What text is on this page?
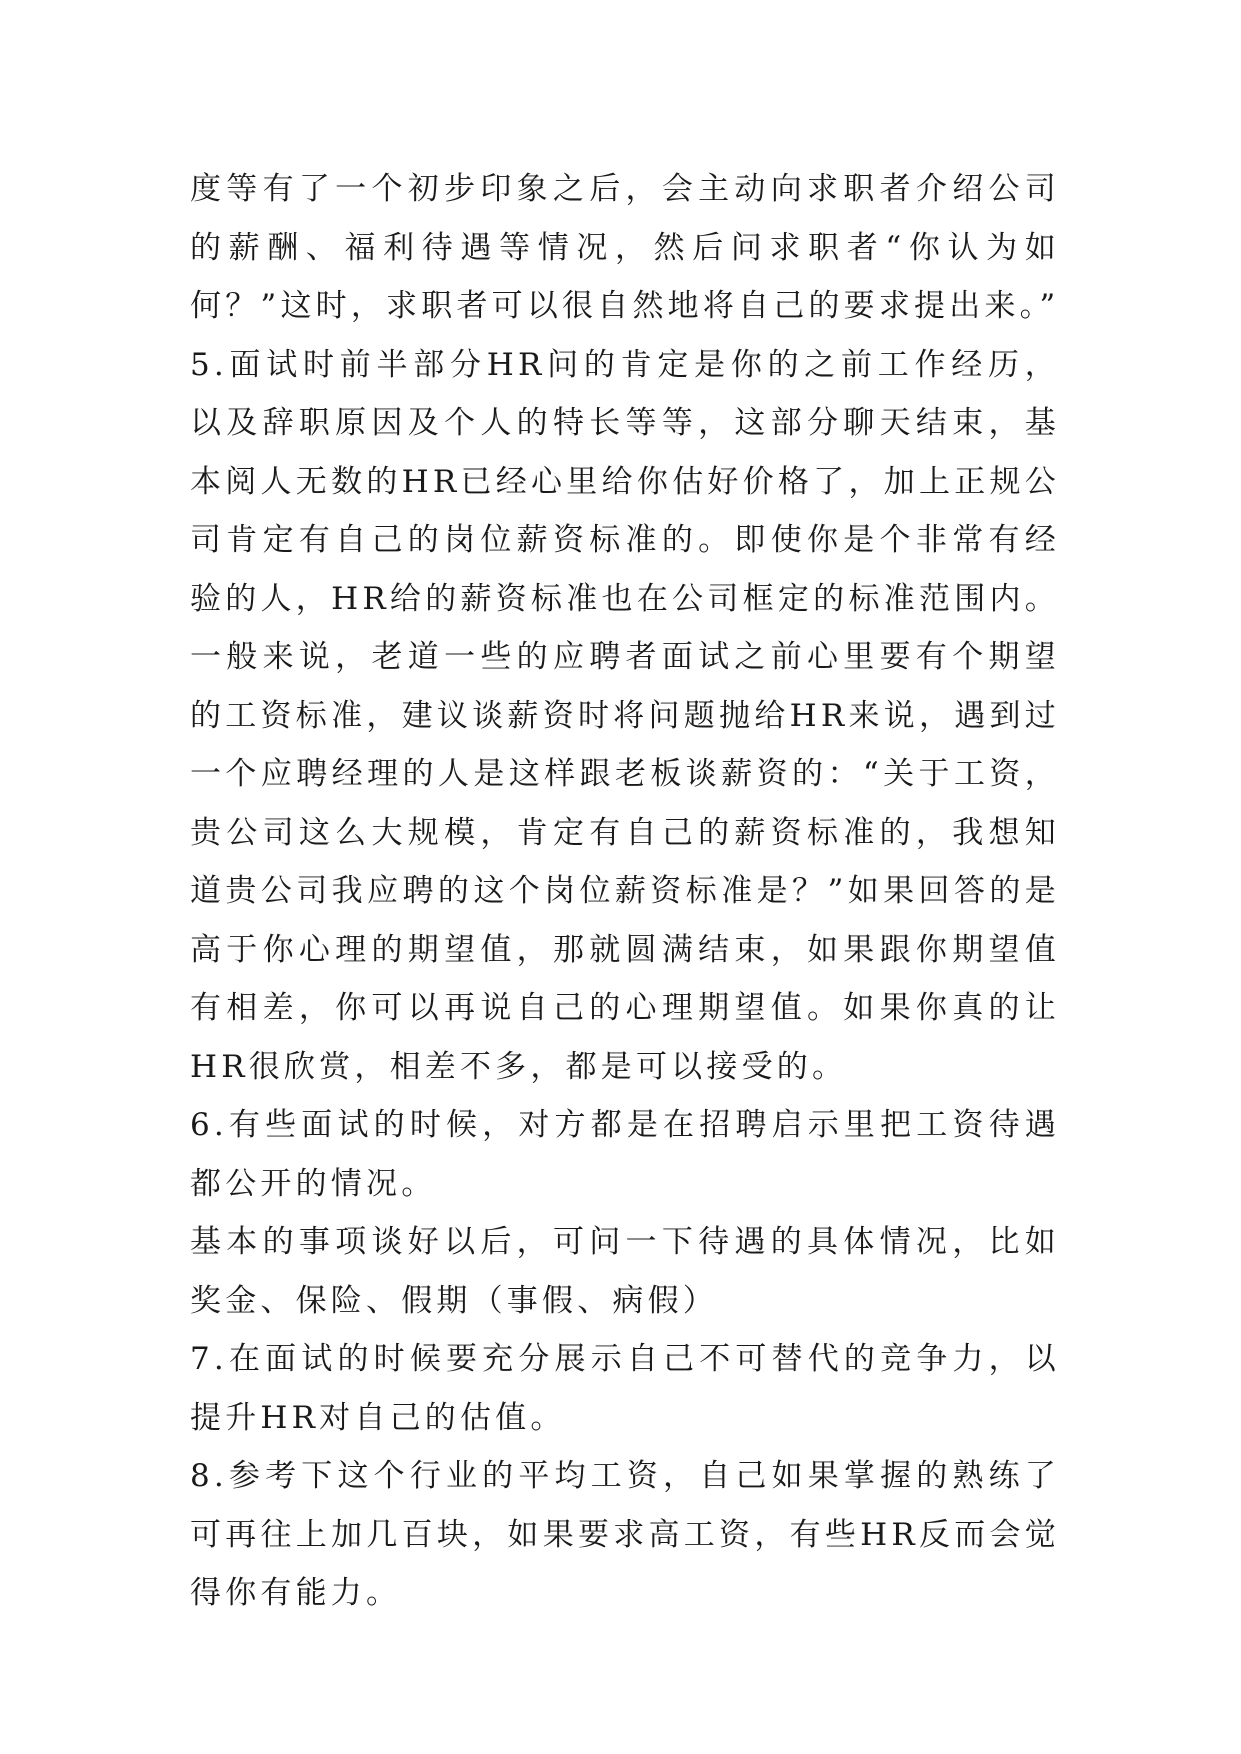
度等有了一个初步印象之后，会主动向求职者介绍公司的薪酬、福利待遇等情况，然后问求职者“你认为如何？”这时，求职者可以很自然地将自己的要求提出来。”

5.面试时前半部分HR问的肯定是你的之前工作经历，以及辞职原因及个人的特长等等，这部分聊天结束，基本阅人无数的HR已经心里给你估好价格了，加上正规公司肯定有自己的岗位薪资标准的。即使你是个非常有经验的人，HR给的薪资标准也在公司框定的标准范围内。一般来说，老道一些的应聘者面试之前心里要有个期望的工资标准，建议谈薪资时将问题抛给HR来说，遇到过一个应聘经理的人是这样跟老板谈薪资的：“关于工资，贵公司这么大规模，肯定有自己的薪资标准的，我想知道贵公司我应聘的这个岗位薪资标准是？”如果回答的是高于你心理的期望值，那就圆满结束，如果跟你期望值有相差，你可以再说自己的心理期望值。如果你真的让HR很欣赏，相差不多，都是可以接受的。

6.有些面试的时候，对方都是在招聘启示里把工资待遇都公开的情况。

基本的事项谈好以后，可问一下待遇的具体情况，比如奖金、保险、假期（事假、病假）

7.在面试的时候要充分展示自己不可替代的竞争力，以提升HR对自己的估值。

8.参考下这个行业的平均工资，自己如果掌握的熟练了可再往上加几百块，如果要求高工资，有些HR反而会觉得你有能力。
